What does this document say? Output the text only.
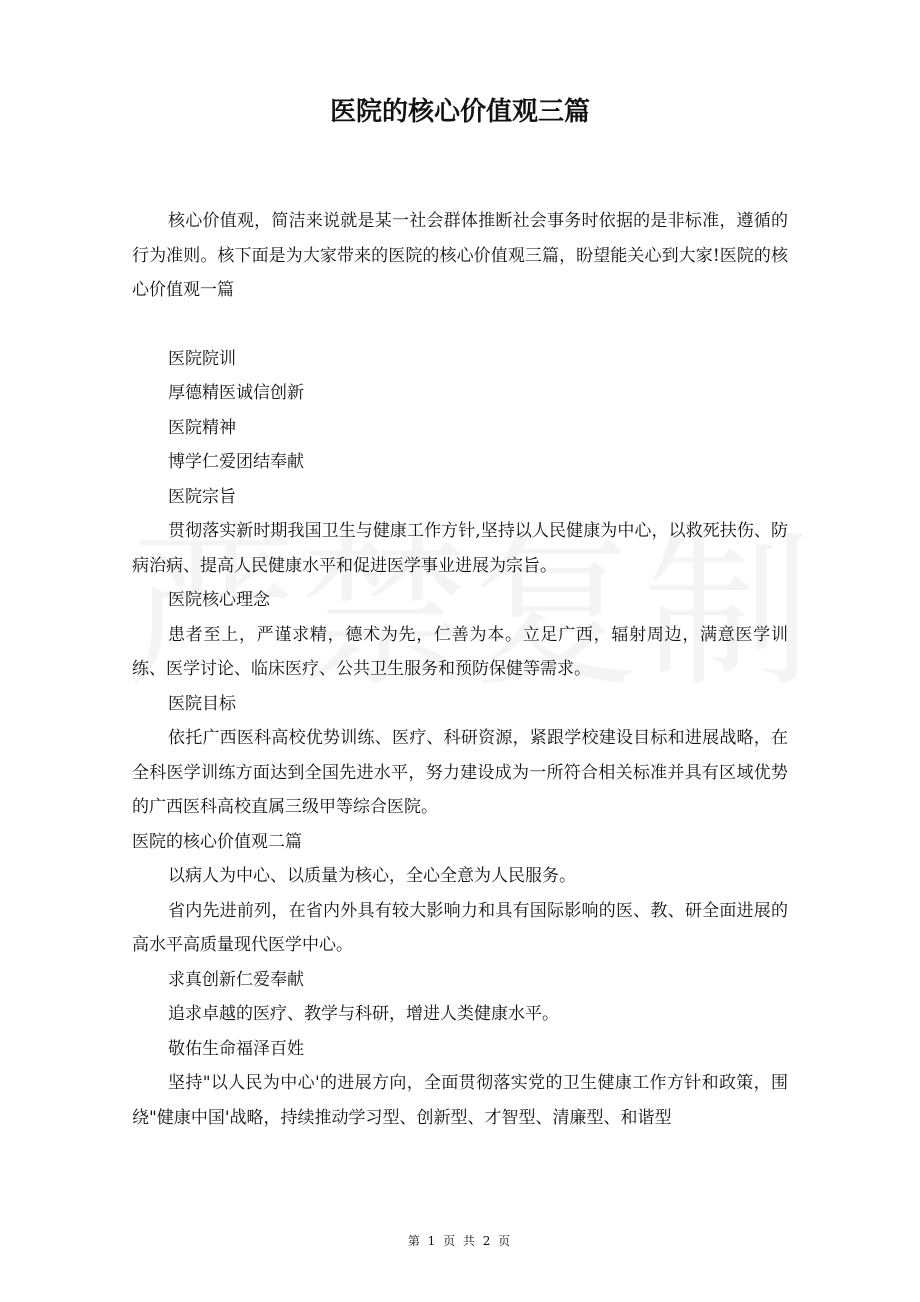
医院的核心价值观三篇

核心价值观，简洁来说就是某一社会群体推断社会事务时依据的是非标准，遵循的行为准则。核下面是为大家带来的医院的核心价值观三篇，盼望能关心到大家!医院的核心价值观一篇

医院院训

厚德精医诚信创新

医院精神

博学仁爱团结奉献

医院宗旨

贯彻落实新时期我国卫生与健康工作方针,坚持以人民健康为中心，以救死扶伤、防病治病、提高人民健康水平和促进医学事业进展为宗旨。

医院核心理念

患者至上，严谨求精，德术为先，仁善为本。立足广西，辐射周边，满意医学训练、医学讨论、临床医疗、公共卫生服务和预防保健等需求。

医院目标

依托广西医科高校优势训练、医疗、科研资源，紧跟学校建设目标和进展战略，在全科医学训练方面达到全国先进水平，努力建设成为一所符合相关标准并具有区域优势的广西医科高校直属三级甲等综合医院。

医院的核心价值观二篇

以病人为中心、以质量为核心，全心全意为人民服务。

省内先进前列，在省内外具有较大影响力和具有国际影响的医、教、研全面进展的高水平高质量现代医学中心。

求真创新仁爱奉献

追求卓越的医疗、教学与科研，增进人类健康水平。

敬佑生命福泽百姓

坚持"以人民为中心'的进展方向，全面贯彻落实党的卫生健康工作方针和政策，围绕"健康中国'战略，持续推动学习型、创新型、才智型、清廉型、和谐型

第 1 页 共 2 页
